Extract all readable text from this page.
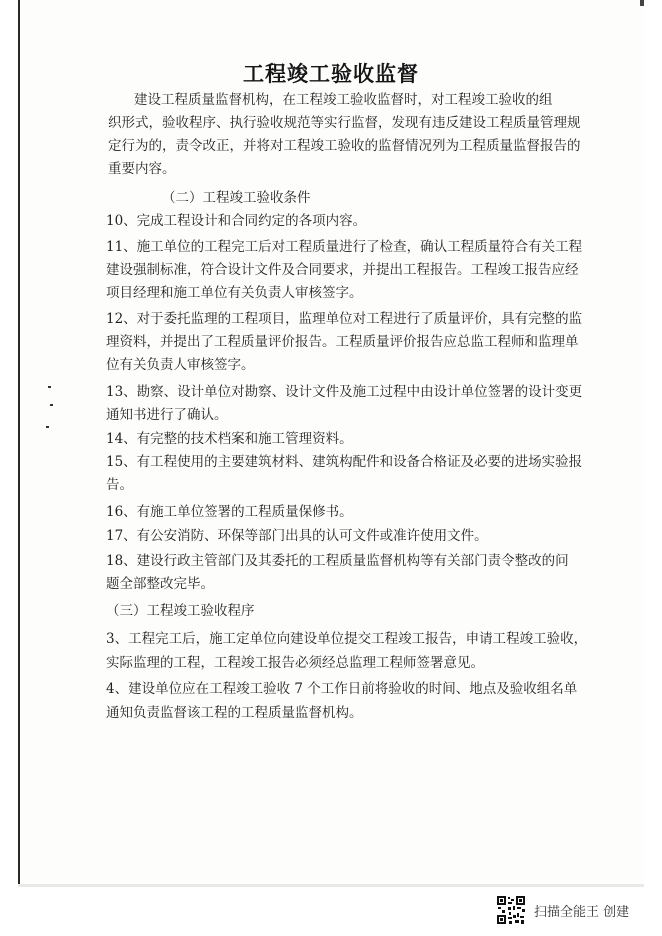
工程竣工验收监督
建设工程质量监督机构，在工程竣工验收监督时，对工程竣工验收的组
织形式，验收程序、执行验收规范等实行监督，发现有违反建设工程质量管理规
定行为的，责令改正，并将对工程竣工验收的监督情况列为工程质量监督报告的
重要内容。
（二）工程竣工验收条件
10、完成工程设计和合同约定的各项内容。
11、施工单位的工程完工后对工程质量进行了检查，确认工程质量符合有关工程
建设强制标准，符合设计文件及合同要求，并提出工程报告。工程竣工报告应经
项目经理和施工单位有关负责人审核签字。
12、对于委托监理的工程项目，监理单位对工程进行了质量评价，具有完整的监
理资料，并提出了工程质量评价报告。工程质量评价报告应总监工程师和监理单
位有关负责人审核签字。
13、勘察、设计单位对勘察、设计文件及施工过程中由设计单位签署的设计变更
通知书进行了确认。
14、有完整的技术档案和施工管理资料。
15、有工程使用的主要建筑材料、建筑构配件和设备合格证及必要的进场实验报
告。
16、有施工单位签署的工程质量保修书。
17、有公安消防、环保等部门出具的认可文件或准许使用文件。
18、建设行政主管部门及其委托的工程质量监督机构等有关部门责令整改的问
题全部整改完毕。
（三）工程竣工验收程序
3、工程完工后，施工定单位向建设单位提交工程竣工报告，申请工程竣工验收，
实际监理的工程，工程竣工报告必须经总监理工程师签署意见。
4、建设单位应在工程竣工验收 7 个工作日前将验收的时间、地点及验收组名单
通知负责监督该工程的工程质量监督机构。
扫描全能王 创建
